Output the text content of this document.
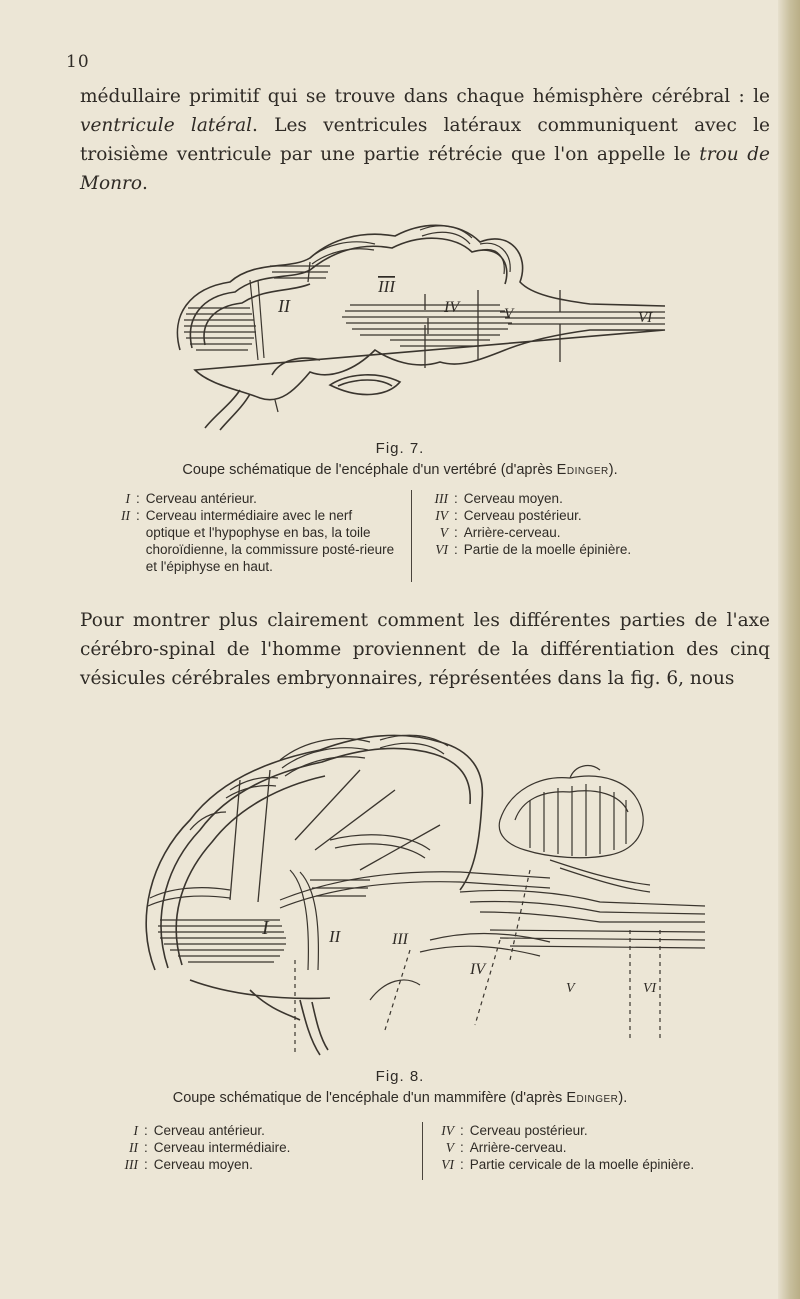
10

médullaire primitif qui se trouve dans chaque hémisphère cérébral : le ventricule latéral. Les ventricules latéraux communiquent avec le troisième ventricule par une partie rétrécie que l'on appelle le trou de Monro.

II
III
IV	V	VI
Fig. 7.
Coupe schématique de l'encéphale d'un vertébré (d'après Edinger).
I : Cerveau antérieur.
II : Cerveau intermédiaire avec le nerf optique et l'hypophyse en bas, la toile choroïdienne, la commissure posté-rieure et l'épiphyse en haut.
III : Cerveau moyen.
IV : Cerveau postérieur.
V : Arrière-cerveau.
VI : Partie de la moelle épinière.

Pour montrer plus clairement comment les différentes parties de l'axe cérébro-spinal de l'homme proviennent de la différentiation des cinq vésicules cérébrales embryonnaires, réprésentées dans la fig. 6, nous

I	II	III
IV
V	VI
Fig. 8.
Coupe schématique de l'encéphale d'un mammifère (d'après Edinger).
I : Cerveau antérieur.
II : Cerveau intermédiaire.
III : Cerveau moyen.
IV : Cerveau postérieur.
V : Arrière-cerveau.
VI : Partie cervicale de la moelle épinière.
